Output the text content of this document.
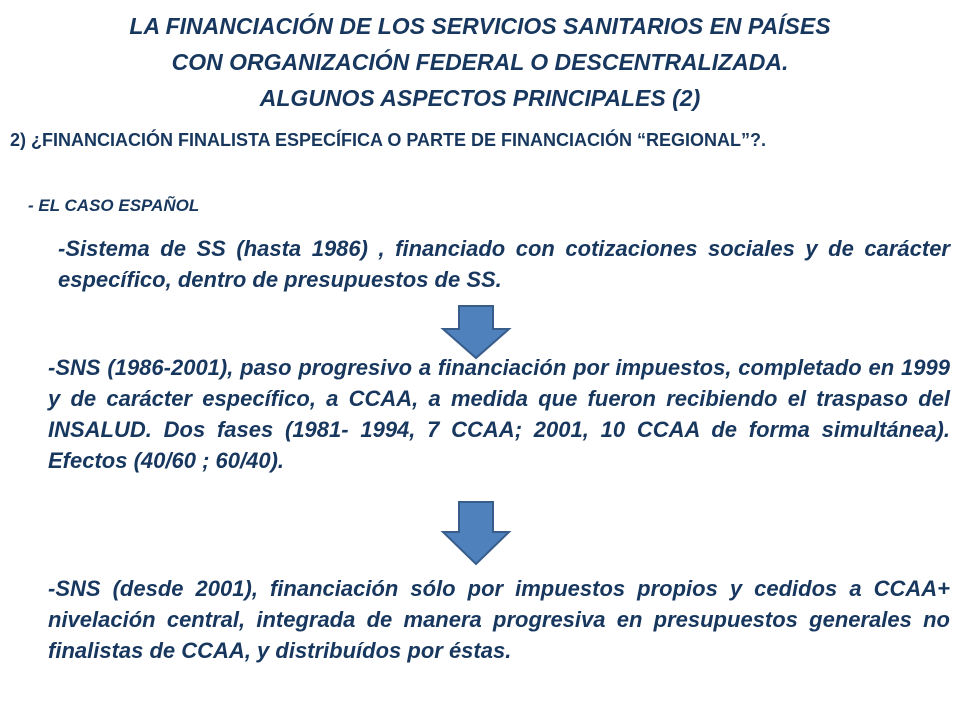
LA FINANCIACIÓN DE LOS SERVICIOS SANITARIOS EN PAÍSES
CON ORGANIZACIÓN FEDERAL O DESCENTRALIZADA.
ALGUNOS ASPECTOS PRINCIPALES (2)

2) ¿FINANCIACIÓN FINALISTA ESPECÍFICA O PARTE DE FINANCIACIÓN “REGIONAL”?.

- EL CASO ESPAÑOL

-Sistema de SS (hasta 1986) , financiado con cotizaciones sociales y de carácter específico, dentro de presupuestos de SS.

-SNS (1986-2001), paso progresivo a financiación por impuestos, completado en 1999 y de carácter específico, a CCAA, a medida que fueron recibiendo el traspaso del INSALUD. Dos fases (1981- 1994, 7 CCAA; 2001, 10 CCAA de forma simultánea). Efectos (40/60 ; 60/40).

-SNS (desde 2001), financiación sólo por impuestos propios y cedidos a CCAA+ nivelación central, integrada de manera progresiva en presupuestos generales no finalistas de CCAA, y distribuídos por éstas.
